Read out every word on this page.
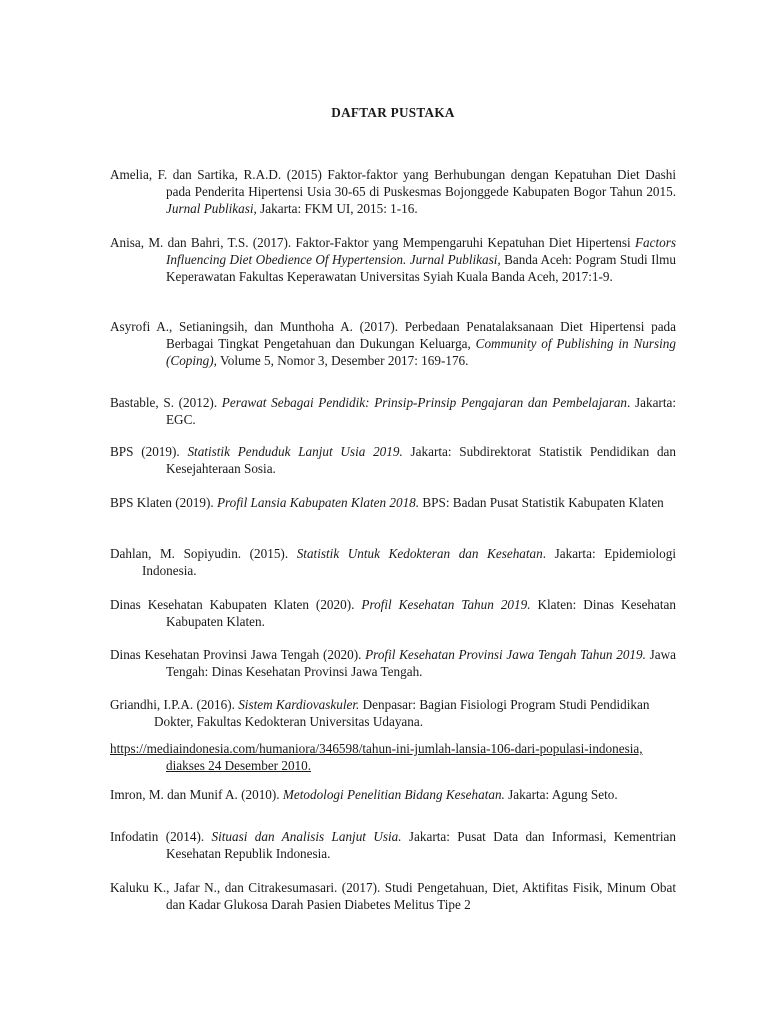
DAFTAR PUSTAKA
Amelia, F. dan Sartika, R.A.D. (2015) Faktor-faktor yang Berhubungan dengan Kepatuhan Diet Dashi pada Penderita Hipertensi Usia 30-65 di Puskesmas Bojonggede Kabupaten Bogor Tahun 2015. Jurnal Publikasi, Jakarta: FKM UI, 2015: 1-16.
Anisa, M. dan Bahri, T.S. (2017). Faktor-Faktor yang Mempengaruhi Kepatuhan Diet Hipertensi Factors Influencing Diet Obedience Of Hypertension. Jurnal Publikasi, Banda Aceh: Pogram Studi Ilmu Keperawatan Fakultas Keperawatan Universitas Syiah Kuala Banda Aceh, 2017:1-9.
Asyrofi A., Setianingsih, dan Munthoha A. (2017). Perbedaan Penatalaksanaan Diet Hipertensi pada Berbagai Tingkat Pengetahuan dan Dukungan Keluarga, Community of Publishing in Nursing (Coping), Volume 5, Nomor 3, Desember 2017: 169-176.
Bastable, S. (2012). Perawat Sebagai Pendidik: Prinsip-Prinsip Pengajaran dan Pembelajaran. Jakarta: EGC.
BPS (2019). Statistik Penduduk Lanjut Usia 2019. Jakarta: Subdirektorat Statistik Pendidikan dan Kesejahteraan Sosia.
BPS Klaten (2019). Profil Lansia Kabupaten Klaten 2018. BPS: Badan Pusat Statistik Kabupaten Klaten
Dahlan, M. Sopiyudin. (2015). Statistik Untuk Kedokteran dan Kesehatan. Jakarta: Epidemiologi Indonesia.
Dinas Kesehatan Kabupaten Klaten (2020). Profil Kesehatan Tahun 2019. Klaten: Dinas Kesehatan Kabupaten Klaten.
Dinas Kesehatan Provinsi Jawa Tengah (2020). Profil Kesehatan Provinsi Jawa Tengah Tahun 2019. Jawa Tengah: Dinas Kesehatan Provinsi Jawa Tengah.
Griandhi, I.P.A. (2016). Sistem Kardiovaskuler. Denpasar: Bagian Fisiologi Program Studi Pendidikan Dokter, Fakultas Kedokteran Universitas Udayana.
https://mediaindonesia.com/humaniora/346598/tahun-ini-jumlah-lansia-106-dari-populasi-indonesia, diakses 24 Desember 2010.
Imron, M. dan Munif A. (2010). Metodologi Penelitian Bidang Kesehatan. Jakarta: Agung Seto.
Infodatin (2014). Situasi dan Analisis Lanjut Usia. Jakarta: Pusat Data dan Informasi, Kementrian Kesehatan Republik Indonesia.
Kaluku K., Jafar N., dan Citrakesumasari. (2017). Studi Pengetahuan, Diet, Aktifitas Fisik, Minum Obat dan Kadar Glukosa Darah Pasien Diabetes Melitus Tipe 2
